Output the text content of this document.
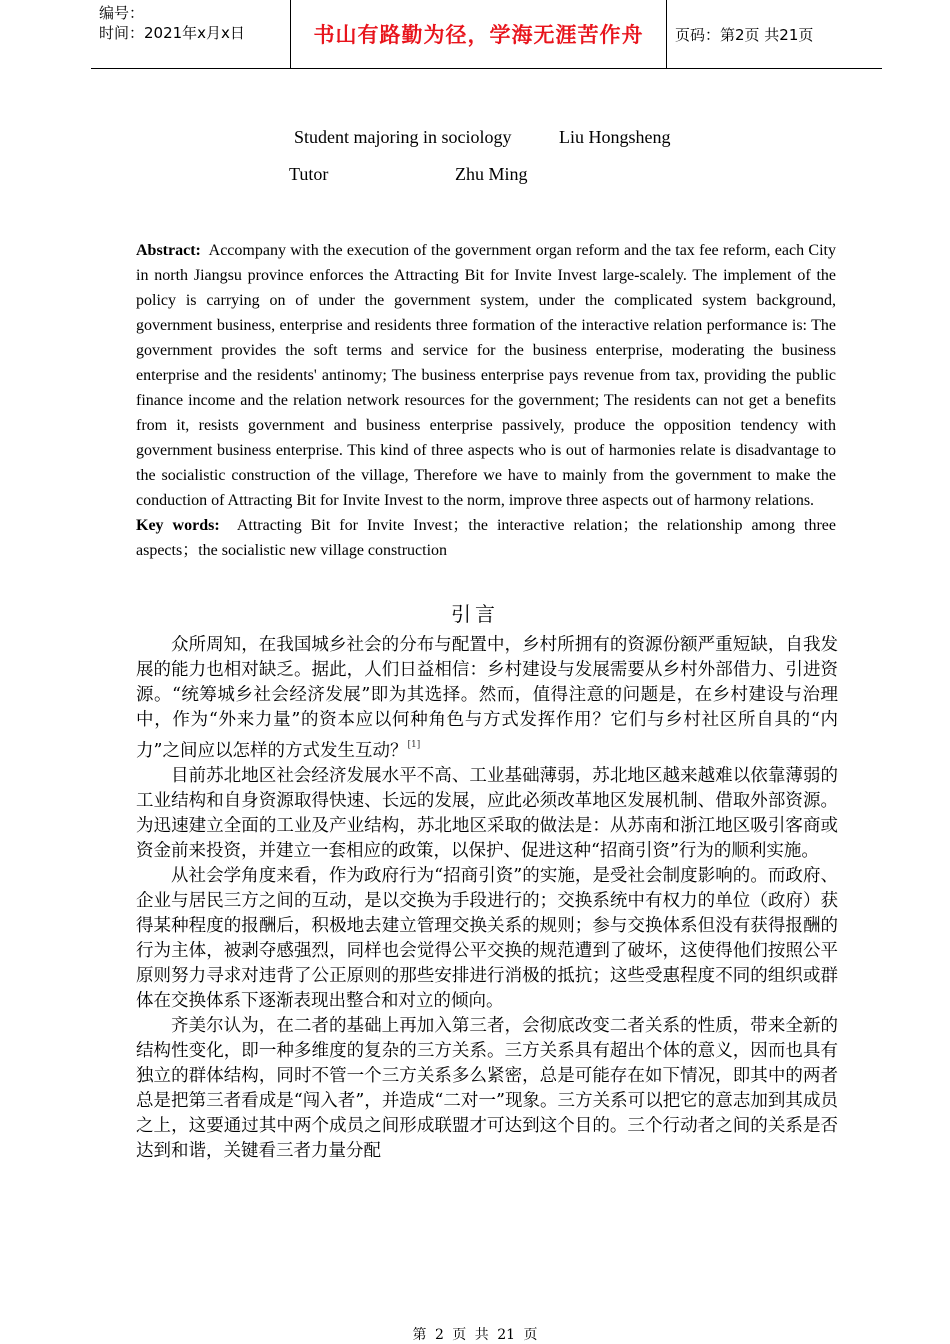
编号：
时间：2021年x月x日	书山有路勤为径，学海无涯苦作舟	页码：第2页 共21页
Student majoring in sociology	Liu Hongsheng
Tutor	Zhu Ming
Abstract: Accompany with the execution of the government organ reform and the tax fee reform, each City in north Jiangsu province enforces the Attracting Bit for Invite Invest large-scalely. The implement of the policy is carrying on of under the government system, under the complicated system background, government business, enterprise and residents three formation of the interactive relation performance is: The government provides the soft terms and service for the business enterprise, moderating the business enterprise and the residents' antinomy; The business enterprise pays revenue from tax, providing the public finance income and the relation network resources for the government; The residents can not get a benefits from it, resists government and business enterprise passively, produce the opposition tendency with government business enterprise. This kind of three aspects who is out of harmonies relate is disadvantage to the socialistic construction of the village, Therefore we have to mainly from the government to make the conduction of Attracting Bit for Invite Invest to the norm, improve three aspects out of harmony relations.
Key words: Attracting Bit for Invite Invest；the interactive relation；the relationship among three aspects；the socialistic new village construction
引言

众所周知，在我国城乡社会的分布与配置中，乡村所拥有的资源份额严重短缺，自我发展的能力也相对缺乏。据此，人们日益相信：乡村建设与发展需要从乡村外部借力、引进资源。“统筹城乡社会经济发展”即为其选择。然而，值得注意的问题是，在乡村建设与治理中，作为“外来力量”的资本应以何种角色与方式发挥作用？它们与乡村社区所自具的“内力”之间应以怎样的方式发生互动？[1]

目前苏北地区社会经济发展水平不高、工业基础薄弱，苏北地区越来越难以依靠薄弱的工业结构和自身资源取得快速、长远的发展，应此必须改革地区发展机制、借取外部资源。为迅速建立全面的工业及产业结构，苏北地区采取的做法是：从苏南和浙江地区吸引客商或资金前来投资，并建立一套相应的政策，以保护、促进这种“招商引资”行为的顺利实施。

从社会学角度来看，作为政府行为“招商引资”的实施，是受社会制度影响的。而政府、企业与居民三方之间的互动，是以交换为手段进行的；交换系统中有权力的单位（政府）获得某种程度的报酬后，积极地去建立管理交换关系的规则；参与交换体系但没有获得报酬的行为主体，被剥夺感强烈，同样也会觉得公平交换的规范遭到了破坏，这使得他们按照公平原则努力寻求对违背了公正原则的那些安排进行消极的抵抗；这些受惠程度不同的组织或群体在交换体系下逐渐表现出整合和对立的倾向。

齐美尔认为，在二者的基础上再加入第三者，会彻底改变二者关系的性质，带来全新的结构性变化，即一种多维度的复杂的三方关系。三方关系具有超出个体的意义，因而也具有独立的群体结构，同时不管一个三方关系多么紧密，总是可能存在如下情况，即其中的两者总是把第三者看成是“闯入者”，并造成“二对一”现象。三方关系可以把它的意志加到其成员之上，这要通过其中两个成员之间形成联盟才可达到这个目的。三个行动者之间的关系是否达到和谐，关键看三者力量分配

第 2 页 共 21 页
